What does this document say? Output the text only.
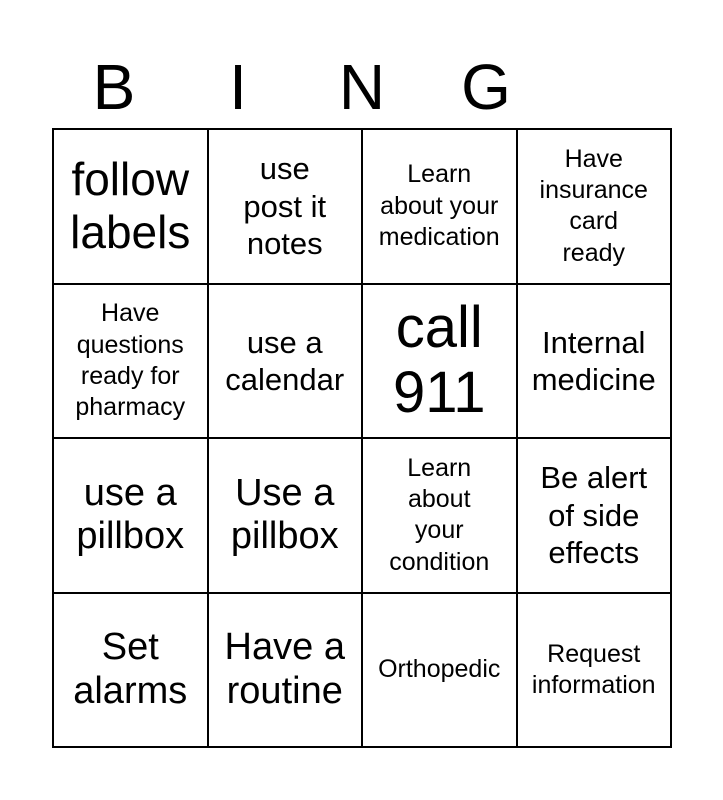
B	I	N	G
follow
labels
use
post it
notes
Learn
about your
medication
Have
insurance
card
ready
Have
questions
ready for
pharmacy
use a
calendar
call
911
Internal
medicine
use a
pillbox
Use a
pillbox
Learn
about
your
condition
Be alert
of side
effects
Set
alarms
Have a
routine
Orthopedic
Request
information
